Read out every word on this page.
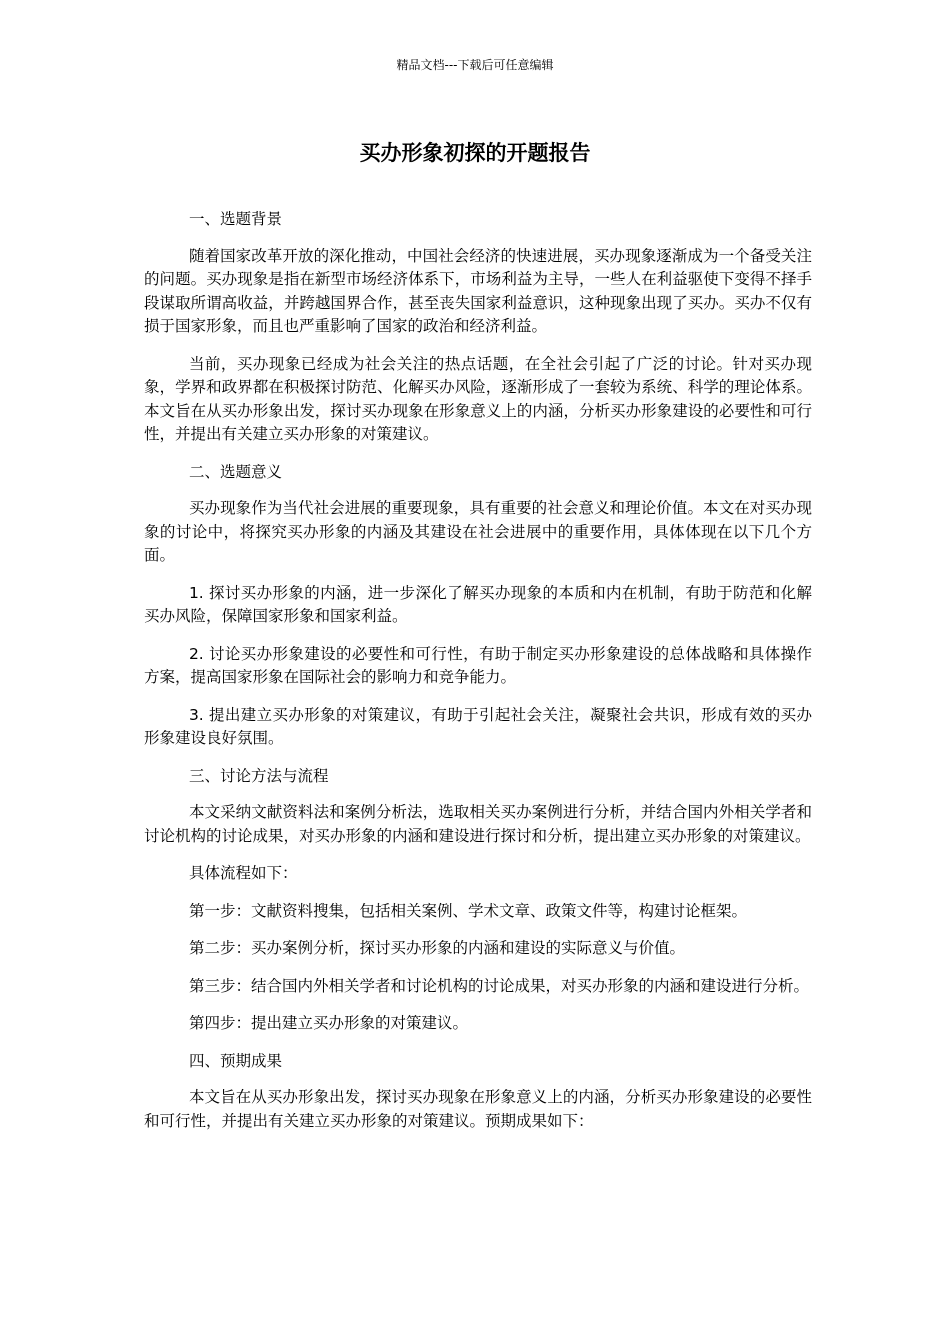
精品文档---下载后可任意编辑
买办形象初探的开题报告

一、选题背景

随着国家改革开放的深化推动，中国社会经济的快速进展，买办现象逐渐成为一个备受关注的问题。买办现象是指在新型市场经济体系下，市场利益为主导，一些人在利益驱使下变得不择手段谋取所谓高收益，并跨越国界合作，甚至丧失国家利益意识，这种现象出现了买办。买办不仅有损于国家形象，而且也严重影响了国家的政治和经济利益。

当前，买办现象已经成为社会关注的热点话题，在全社会引起了广泛的讨论。针对买办现象，学界和政界都在积极探讨防范、化解买办风险，逐渐形成了一套较为系统、科学的理论体系。本文旨在从买办形象出发，探讨买办现象在形象意义上的内涵，分析买办形象建设的必要性和可行性，并提出有关建立买办形象的对策建议。

二、选题意义

买办现象作为当代社会进展的重要现象，具有重要的社会意义和理论价值。本文在对买办现象的讨论中，将探究买办形象的内涵及其建设在社会进展中的重要作用，具体体现在以下几个方面。

1. 探讨买办形象的内涵，进一步深化了解买办现象的本质和内在机制，有助于防范和化解买办风险，保障国家形象和国家利益。

2. 讨论买办形象建设的必要性和可行性，有助于制定买办形象建设的总体战略和具体操作方案，提高国家形象在国际社会的影响力和竞争能力。

3. 提出建立买办形象的对策建议，有助于引起社会关注，凝聚社会共识，形成有效的买办形象建设良好氛围。

三、讨论方法与流程

本文采纳文献资料法和案例分析法，选取相关买办案例进行分析，并结合国内外相关学者和讨论机构的讨论成果，对买办形象的内涵和建设进行探讨和分析，提出建立买办形象的对策建议。

具体流程如下：

第一步：文献资料搜集，包括相关案例、学术文章、政策文件等，构建讨论框架。

第二步：买办案例分析，探讨买办形象的内涵和建设的实际意义与价值。

第三步：结合国内外相关学者和讨论机构的讨论成果，对买办形象的内涵和建设进行分析。

第四步：提出建立买办形象的对策建议。

四、预期成果

本文旨在从买办形象出发，探讨买办现象在形象意义上的内涵，分析买办形象建设的必要性和可行性，并提出有关建立买办形象的对策建议。预期成果如下：
